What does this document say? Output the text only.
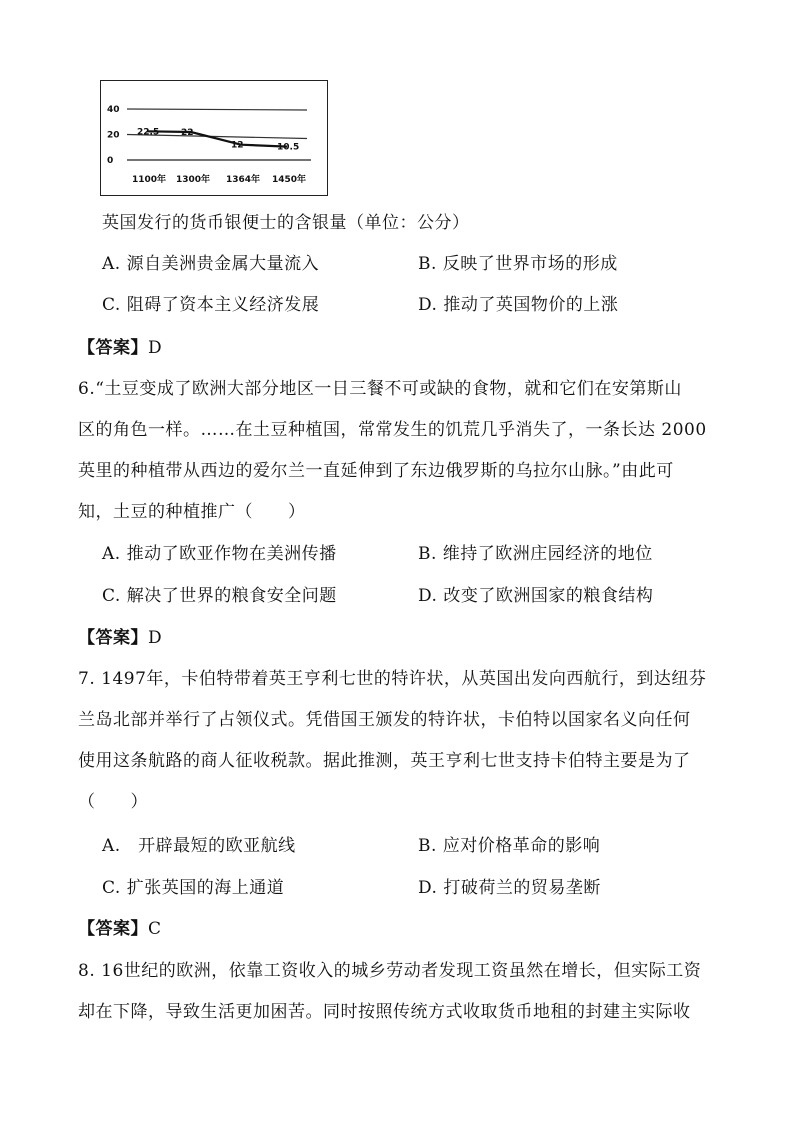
40
20
0
22.5 22
12	10.5
1100年 1300年 1364年 1450年
英国发行的货币银便士的含银量（单位：公分）
A. 源自美洲贵金属大量流入	B. 反映了世界市场的形成
C. 阻碍了资本主义经济发展	D. 推动了英国物价的上涨
【答案】D
6.“土豆变成了欧洲大部分地区一日三餐不可或缺的食物，就和它们在安第斯山
区的角色一样。……在土豆种植国，常常发生的饥荒几乎消失了，一条长达 2000
英里的种植带从西边的爱尔兰一直延伸到了东边俄罗斯的乌拉尔山脉。”由此可
知，土豆的种植推广（　　）
A. 推动了欧亚作物在美洲传播	B. 维持了欧洲庄园经济的地位
C. 解决了世界的粮食安全问题	D. 改变了欧洲国家的粮食结构
【答案】D
7. 1497年，卡伯特带着英王亨利七世的特许状，从英国出发向西航行，到达纽芬
兰岛北部并举行了占领仪式。凭借国王颁发的特许状，卡伯特以国家名义向任何
使用这条航路的商人征收税款。据此推测，英王亨利七世支持卡伯特主要是为了
（　　）
A.　开辟最短的欧亚航线	B. 应对价格革命的影响
C. 扩张英国的海上通道	D. 打破荷兰的贸易垄断
【答案】C
8. 16世纪的欧洲，依靠工资收入的城乡劳动者发现工资虽然在增长，但实际工资
却在下降，导致生活更加困苦。同时按照传统方式收取货币地租的封建主实际收
